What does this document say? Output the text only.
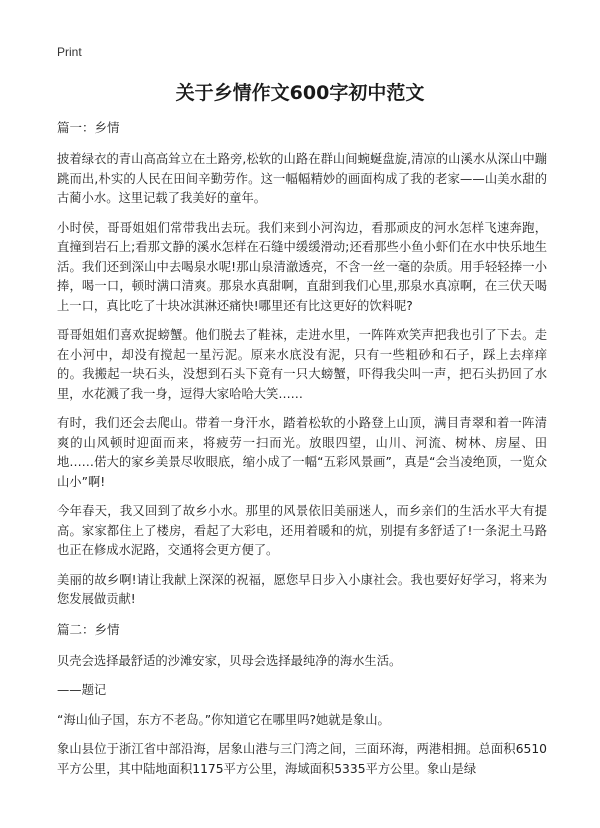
Print
关于乡情作文600字初中范文
篇一：乡情

披着绿衣的青山高高耸立在土路旁,松软的山路在群山间蜿蜒盘旋,清凉的山溪水从深山中蹦跳而出,朴实的人民在田间辛勤劳作。这一幅幅精妙的画面构成了我的老家——山美水甜的古蔺小水。这里记载了我美好的童年。

小时侯，哥哥姐姐们常带我出去玩。我们来到小河沟边，看那顽皮的河水怎样飞速奔跑，直撞到岩石上;看那文静的溪水怎样在石缝中缓缓滑动;还看那些小鱼小虾们在水中快乐地生活。我们还到深山中去喝泉水呢!那山泉清澈透亮，不含一丝一毫的杂质。用手轻轻捧一小捧，喝一口，顿时满口清爽。那泉水真甜啊，直甜到我们心里,那泉水真凉啊，在三伏天喝上一口，真比吃了十块冰淇淋还痛快!哪里还有比这更好的饮料呢?

哥哥姐姐们喜欢捉螃蟹。他们脱去了鞋袜，走进水里，一阵阵欢笑声把我也引了下去。走在小河中，却没有搅起一星污泥。原来水底没有泥，只有一些粗砂和石子，踩上去痒痒的。我搬起一块石头，没想到石头下竟有一只大螃蟹，吓得我尖叫一声，把石头扔回了水里，水花溅了我一身，逗得大家哈哈大笑……

有时，我们还会去爬山。带着一身汗水，踏着松软的小路登上山顶，满目青翠和着一阵清爽的山风顿时迎面而来，将疲劳一扫而光。放眼四望，山川、河流、树林、房屋、田地……偌大的家乡美景尽收眼底，缩小成了一幅“五彩风景画”，真是“会当凌绝顶，一览众山小”啊!

今年春天，我又回到了故乡小水。那里的风景依旧美丽迷人，而乡亲们的生活水平大有提高。家家都住上了楼房，看起了大彩电，还用着暖和的炕，别提有多舒适了!一条泥土马路也正在修成水泥路，交通将会更方便了。

美丽的故乡啊!请让我献上深深的祝福，愿您早日步入小康社会。我也要好好学习，将来为您发展做贡献!

篇二：乡情

贝壳会选择最舒适的沙滩安家，贝母会选择最纯净的海水生活。

——题记

“海山仙子国，东方不老岛。”你知道它在哪里吗?她就是象山。

象山县位于浙江省中部沿海，居象山港与三门湾之间，三面环海，两港相拥。总面积6510平方公里，其中陆地面积1175平方公里，海域面积5335平方公里。象山是绿
